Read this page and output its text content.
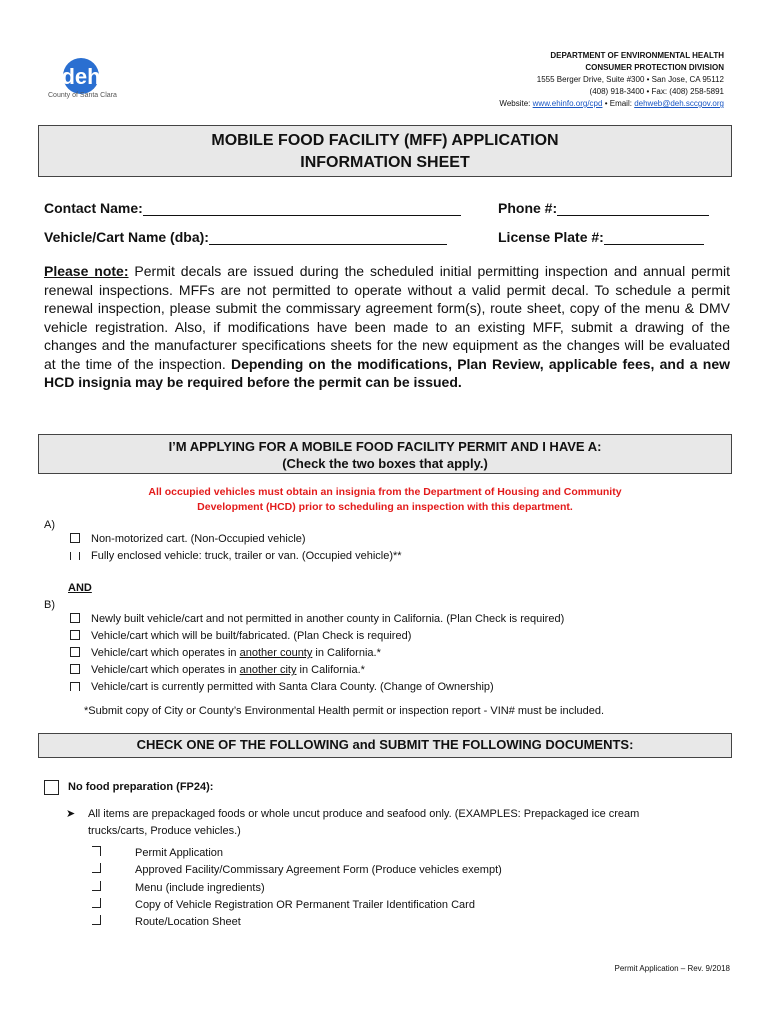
deh
County of Santa Clara
DEPARTMENT OF ENVIRONMENTAL HEALTH
CONSUMER PROTECTION DIVISION
1555 Berger Drive, Suite #300 • San Jose, CA 95112
(408) 918-3400 • Fax: (408) 258-5891
Website: www.ehinfo.org/cpd • Email: dehweb@deh.sccgov.org
MOBILE FOOD FACILITY (MFF) APPLICATION
INFORMATION SHEET
Contact Name:	Phone #:
Vehicle/Cart Name (dba):	License Plate #:
Please note: Permit decals are issued during the scheduled initial permitting inspection and annual permit renewal inspections. MFFs are not permitted to operate without a valid permit decal. To schedule a permit renewal inspection, please submit the commissary agreement form(s), route sheet, copy of the menu & DMV vehicle registration. Also, if modifications have been made to an existing MFF, submit a drawing of the changes and the manufacturer specifications sheets for the new equipment as the changes will be evaluated at the time of the inspection. Depending on the modifications, Plan Review, applicable fees, and a new HCD insignia may be required before the permit can be issued.
I’M APPLYING FOR A MOBILE FOOD FACILITY PERMIT AND I HAVE A:
(Check the two boxes that apply.)
All occupied vehicles must obtain an insignia from the Department of Housing and Community
Development (HCD) prior to scheduling an inspection with this department.
A)
Non-motorized cart. (Non-Occupied vehicle)
Fully enclosed vehicle: truck, trailer or van. (Occupied vehicle)**
AND
B)
Newly built vehicle/cart and not permitted in another county in California. (Plan Check is required)
Vehicle/cart which will be built/fabricated. (Plan Check is required)
Vehicle/cart which operates in another county in California.*
Vehicle/cart which operates in another city in California.*
Vehicle/cart is currently permitted with Santa Clara County. (Change of Ownership)
*Submit copy of City or County’s Environmental Health permit or inspection report - VIN# must be included.
CHECK ONE OF THE FOLLOWING and SUBMIT THE FOLLOWING DOCUMENTS:
No food preparation (FP24):
➤	All items are prepackaged foods or whole uncut produce and seafood only. (EXAMPLES: Prepackaged ice cream
trucks/carts, Produce vehicles.)
Permit Application
Approved Facility/Commissary Agreement Form (Produce vehicles exempt)
Menu (include ingredients)
Copy of Vehicle Registration OR Permanent Trailer Identification Card
Route/Location Sheet
Permit Application – Rev. 9/2018
